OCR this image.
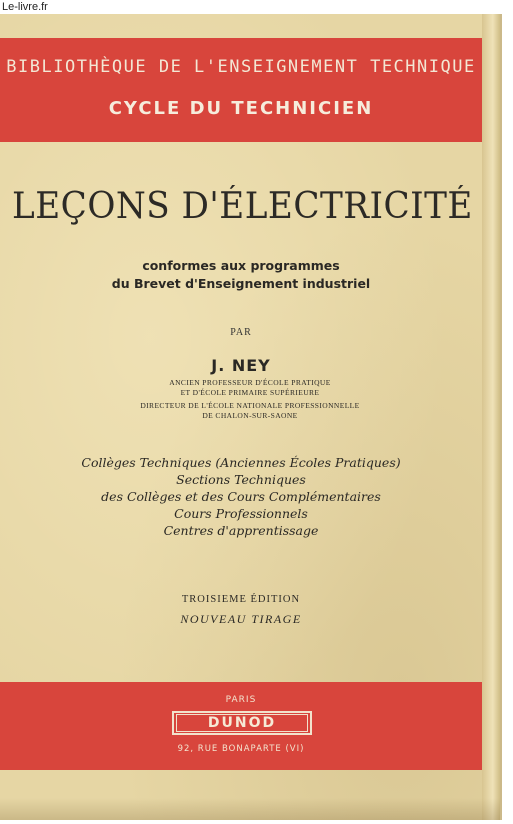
Le-livre.fr
BIBLIOTHÈQUE DE L'ENSEIGNEMENT TECHNIQUE
CYCLE DU TECHNICIEN
LEÇONS D'ÉLECTRICITÉ
conformes aux programmes
du Brevet d'Enseignement industriel
PAR
J. NEY
ANCIEN PROFESSEUR D'ÉCOLE PRATIQUE
ET D'ÉCOLE PRIMAIRE SUPÉRIEURE
DIRECTEUR DE L'ÉCOLE NATIONALE PROFESSIONNELLE
DE CHALON-SUR-SAONE
Collèges Techniques (Anciennes Écoles Pratiques)
Sections Techniques
des Collèges et des Cours Complémentaires
Cours Professionnels
Centres d'apprentissage
TROISIEME ÉDITION
NOUVEAU TIRAGE
PARIS
DUNOD
92, RUE BONAPARTE (VI)
